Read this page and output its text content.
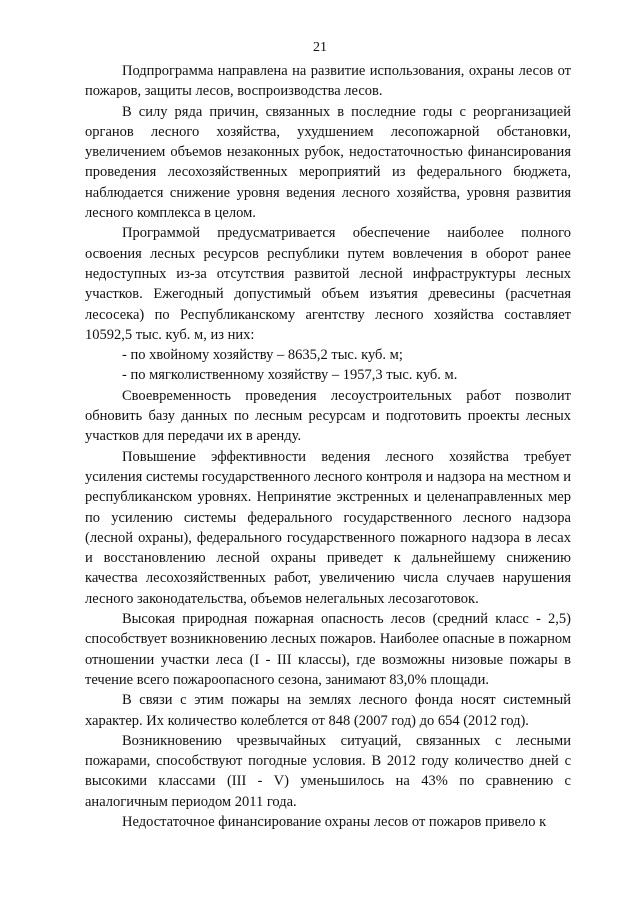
21

Подпрограмма направлена на развитие использования, охраны лесов от пожаров, защиты лесов, воспроизводства лесов.

В силу ряда причин, связанных в последние годы с реорганизацией органов лесного хозяйства, ухудшением лесопожарной обстановки, увеличением объемов незаконных рубок, недостаточностью финансирования проведения лесохозяйственных мероприятий из федерального бюджета, наблюдается снижение уровня ведения лесного хозяйства, уровня развития лесного комплекса в целом.

Программой предусматривается обеспечение наиболее полного освоения лесных ресурсов республики путем вовлечения в оборот ранее недоступных из-за отсутствия развитой лесной инфраструктуры лесных участков. Ежегодный допустимый объем изъятия древесины (расчетная лесосека) по Республиканскому агентству лесного хозяйства составляет 10592,5 тыс. куб. м, из них:

- по хвойному хозяйству – 8635,2 тыс. куб. м;

- по мягколиственному хозяйству – 1957,3 тыс. куб. м.

Своевременность проведения лесоустроительных работ позволит обновить базу данных по лесным ресурсам и подготовить проекты лесных участков для передачи их в аренду.

Повышение эффективности ведения лесного хозяйства требует усиления системы государственного лесного контроля и надзора на местном и республиканском уровнях. Непринятие экстренных и целенаправленных мер по усилению системы федерального государственного лесного надзора (лесной охраны), федерального государственного пожарного надзора в лесах и восстановлению лесной охраны приведет к дальнейшему снижению качества лесохозяйственных работ, увеличению числа случаев нарушения лесного законодательства, объемов нелегальных лесозаготовок.

Высокая природная пожарная опасность лесов (средний класс - 2,5) способствует возникновению лесных пожаров. Наиболее опасные в пожарном отношении участки леса (I - III классы), где возможны низовые пожары в течение всего пожароопасного сезона, занимают 83,0% площади.

В связи с этим пожары на землях лесного фонда носят системный характер. Их количество колеблется от 848 (2007 год) до 654 (2012 год).

Возникновению чрезвычайных ситуаций, связанных с лесными пожарами, способствуют погодные условия. В 2012 году количество дней с высокими классами (III - V) уменьшилось на 43% по сравнению с аналогичным периодом 2011 года.

Недостаточное финансирование охраны лесов от пожаров привело к
